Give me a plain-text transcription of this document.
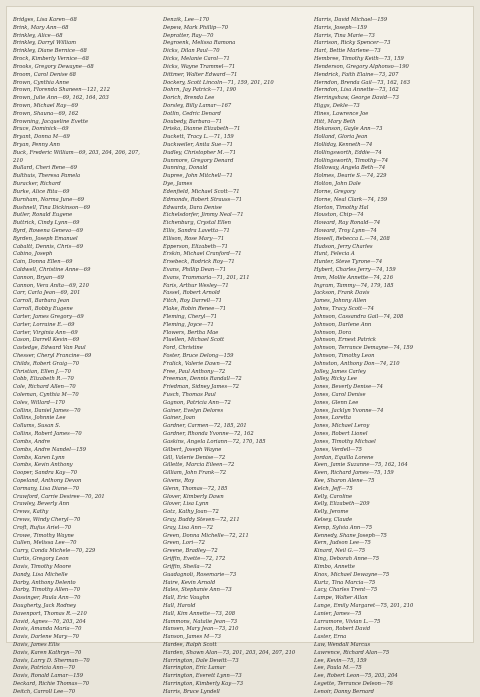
Bridges, Lisa Karen—68
Brink, Mary Ann—68
Brinkley, Alice—68
Brinkley, Darryl William
Brinkley, Diane Bernice—68
Brock, Kimberly Vernice—68
Brooks, Gregory Dewayne—68
Broom, Carol Denise 68
Brown, Cynthia Anne
Brown, Florenda Shaneen—121, 212
Brown, Julie Ann—69, 162, 164, 203
Brown, Michael Ray—69
Brown, Shauna—69, 162
Browning, Jacqueline Evette
Bruce, Dominick—69
Bryant, Donna M—69
Bryan, Penny Ann
Buck, Frederic William—69, 203, 204, 206, 207,
210
Bullard, Cheri Rene—69
Bulthuis, Theresa Pamela
Buracker, Richard
Burke, Alice Rita—69
Burnham, Norma June—69
Bushnell, Tina Dickinson—69
Butler, Ronald Eugene
Buttrick, Cindy Lynn—69
Byrd, Rowena Geneva—69
Byrden, Joseph Emanuel
Cabaltt, Dennis, Chris—69
Cabino, Joseph
Cain, Donna Ellen—69
Caldwell, Christine Anne—69
Cannon, Bryan—69
Cannon, Vera Anita—69, 210
Carr, Carla Jean—69, 201
Carroll, Barbara Jean
Carroll, Bobby Eugene
Carter, James Gregory—69
Carter, Lorraine E.—69
Carter, Virginia Ann—69
Cason, Darrell Kevin—69
Castedge, Edward Van Paul
Chesser, Cheryl Francine—69
Childs, Robert Graig—70
Christian, Ellen J.—70
Cobb, Elizabeth R.—70
Cole, Richard Allen—70
Coleman, Cynthia M—70
Coles, Willard—170
Collins, Daniel James—70
Collins, Johnnie Lee
Collums, Susan S.
Collins, Robert James—70
Combs, Andre
Combs, Andre Nandel—159
Combs, Karen Lynn
Combs, Kevin Anthony
Cooper, Sandra Kay—70
Copeland, Anthony Devon
Cormany, Lisa Diane—70
Crawford, Carrie Desiree—70, 201
Crawley, Beverly Ann
Crews, Kathy
Crews, Windy Cheryl—70
Croft, Rufus Ariel—70
Crowe, Timothy Wayne
Cullen, Melissa Lee—70
Curry, Conda Michele—70, 229
Curtis, Gregory Leon
Davis, Timothy Moore
Dandy, Lisa Michelle
Darby, Anthony Delento
Darby, Timothy Allen—70
Dassinger, Paula Ann—70
Daugherty, Jack Rodney
Davenport, Thomas R.—210
David, Agnes—70, 203, 204
Davis, Amanda Maria—70
Davis, Darlene Mary—70
Davis, James Ellis
Davis, Karen Kathryn—70
Davis, Larry D. Sherman—70
Davis, Patricia Ann—70
Davis, Ronald Lamar—159
Deckard, Richie Thomas—70
Deitch, Carroll Lee—70
Denzik, Lee—170
Depew, Mark Phillip—70
Depratter, Ray—70
Degroenk, Melissa Ramona
Dicks, Dilan Paul—70
Dicks, Melanie Carol—71
Dicks, Wayne Trammel—71
Dittmer, Walter Edward—71
Dockery, Scott Lincoln—71, 159, 201, 210
Dohrn, Jay Patrick—71, 190
Dorich, Brenda Lee
Dorsley, Billy Lamar—167
Dotlin, Cedric Denard
Doubedy, Barbara—71
Driska, Dianne Elizabeth—71
Duckett, Tracy L.—71, 159
Duckweiler, Anita Sue—71
Dudley, Christopher M.—71
Dunmore, Gregory Denard
Dunning, Donald
Dupree, John Mitchell—71
Dye, James
Edenfield, Michael Scott—71
Edmonds, Robert Strauss—71
Edwards, Dara Denise
Eichelsdorfer, Jimmy Neal—71
Eichenburg, Crystal Ellen
Ellis, Sandra Lavetta—71
Ellison, Rose Mary—71
Epperson, Elizabeth—71
Erskin, Michael Cranford—71
Ersebeck, Rodrick Roy—71
Evans, Phillip Dean—71
Evans, Trammaria—71, 201, 211
Faris, Arthur Wesley—71
Fassel, Robert Arnold
Fitch, Roy Darrell—71
Flake, Robin Renee—71
Fleming, Cheryl—71
Fleming, Joyce—71
Flowers, Bertha Mae
Fluellen, Michael Scott
Ford, Christine
Foster, Bruce Delong—159
Fralick, Valerie Dawn—72
Free, Paul Anthony—72
Freeman, Dennis Randall—72
Friedman, Sidney James—72
Fusch, Thomas Paul
Gagnon, Patricia Ann—72
Gainer, Evelyn Delores
Gainer, Joan
Gardner, Carmen—72, 185, 201
Gardner, Rhonda Yvonne—72, 162
Gaskins, Angela Loriann—72, 170, 185
Gilbert, Joseph Wayne
Gill, Valerie Denise—72
Gillette, Marcia Eileen—72
Gilliam, John Frank—72
Givens, Roy
Glenn, Thomas—72, 185
Glover, Kimberly Dawn
Glover, Lisa Lynn
Gotz, Kathy Joan—72
Gray, Buddy Steven—72, 211
Gray, Lisa Ann—72
Green, Donna Michelle—72, 211
Green, Lori—72
Greene, Bradley—72
Griffin, Evette—72, 172
Griffin, Sheila—72
Guadagnoli, Rosemarie—73
Haire, Kevin Arnold
Hales, Stephanie Ann—73
Hall, Eric Vaughn
Hall, Harold
Hall, Kim Annette—73, 208
Hammons, Natalie Jean—73
Hansen, Mary Jean—73, 210
Hanson, James M—73
Hardee, Ralph Scott
Harden, Shawn Alan—73, 201, 203, 204, 207, 210
Harrington, Dale Dewitt—73
Harrington, Eric Lamar
Harrington, Everett Lynn—73
Harrington, Kimberly Kay—73
Harris, Bruce Lyndell
Harris, David Michael—159
Harris, Joseph—159
Harris, Tina Marie—73
Harrison, Ricky Spencer—73
Hart, Bettie Marlene—73
Hembree, Timothy Keith—73, 159
Henderson, Gregory Alphonso—190
Hendrick, Faith Elaine—73, 207
Herndon, Brenda Gail—73, 162, 163
Herndon, Lisa Annette—73, 162
Herringshaw, George David—73
Higgs, Dekle—73
Hines, Lawrence Joe
Hitt, Mary Beth
Hokanson, Gayle Ann—73
Holland, Gloria Jean
Holliday, Kenneth—74
Hollingsworth, Eddie—74
Hollingsworth, Timothy—74
Holloway, Angela Beth—74
Holmes, Dearie S.—74, 229
Holton, John Dale
Horne, Gregory
Horne, Neal Clark—74, 159
Horton, Timothy Hal
Houston, Chip—74
Howard, Ray Ronald—74
Howard, Troy Lynn—74
Howell, Rebecca L.—74, 208
Hudson, Jerry Charles
Hunt, Felecia A
Hunter, Steve Tyrone—74
Hybert, Charles Jerry—74, 159
Imm, Mollie Annette—74, 216
Ingram, Tammy—74, 179, 185
Jackson, Frank Davis
James, Johnny Allen
Johns, Tracy Scott—74
Johnson, Cassandra Gail—74, 208
Johnson, Darlene Ann
Johnson, Dora
Johnson, Ernest Patrick
Johnson, Terrance Demayne—74, 159
Johnson, Timothy Leon
Johnston, Anthony Don—74, 210
Jolley, James Carley
Jolley, Ricky Lee
Jones, Beverly Denise—74
Jones, Carol Denise
Jones, Glenn Lee
Jones, Jacklyn Yvonne—74
Jones, Loretta
Jones, Michael Leroy
Jones, Robert Lionel
Jones, Timothy Michael
Jones, Verdell—75
Jordan, Equilla Lorene
Keen, Jamie Suzanne—75, 162, 164
Keen, Richard James—75, 159
Kee, Sharon Alene—75
Kelch, Jeff—75
Kelly, Caroline
Kelly, Elizabeth—209
Kelly, Jerome
Kelsey, Claude
Kemp, Sylvia Ann—75
Kennedy, Shane Joseph—75
Kern, Judson Lee—75
Kinard, Neil G.—75
King, Deborah Anne—75
Kimbo, Annette
Knox, Michael Dewayne—75
Kurtz, Tina Marcia—75
Lacy, Charles Trent—75
Lampe, Walter Allan
Lange, Emily Margaret—75, 201, 210
Lanier, James—75
Larramore, Vivian L.—75
Larson, Robert David
Laster, Erna
Law, Wendall Marcus
Lawrence, Richard Alan—75
Lee, Kevin—75, 159
Lee, Paula M.—75
Lee, Robert Leon—75, 203, 204
Legette, Terrance Deleon—76
Lenoir, Danny Bernard
